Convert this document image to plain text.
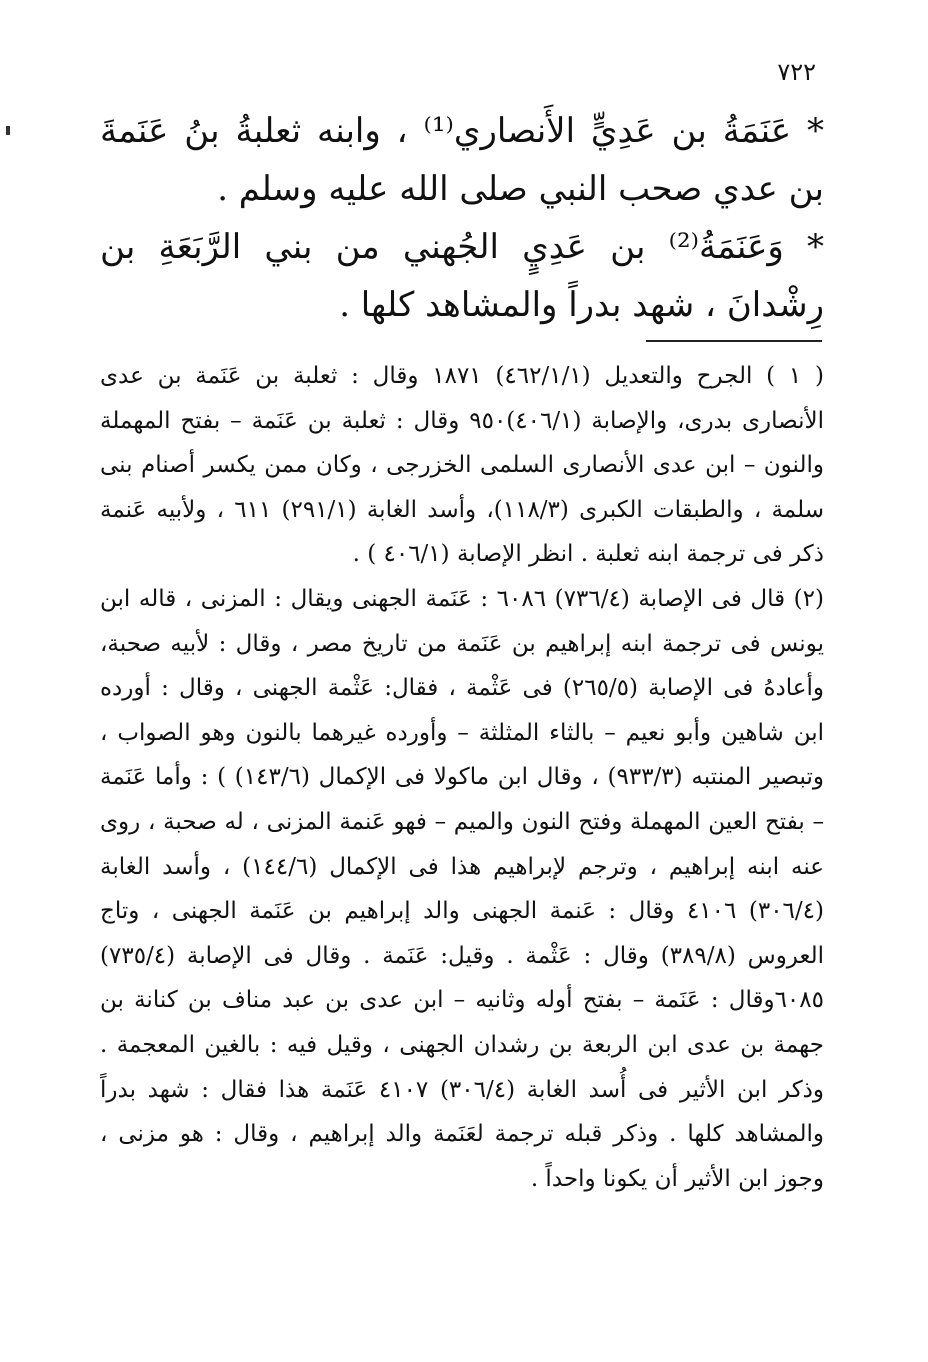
٧٢٢

* عَنَمَةُ بن عَدِيٍّ الأَنصاري⁽¹⁾ ، وابنه ثعلبةُ بنُ عَنَمةَ بن عدي صحب النبي صلى الله عليه وسلم .

* وَعَنَمَةُ⁽²⁾ بن عَدِيٍ الجُهني من بني الرَّبَعَةِ بن رِشْدانَ ، شهد بدراً والمشاهد كلها .

( ١ ) الجرح والتعديل (٤٦٢/١/١) ١٨٧١ وقال : ثعلبة بن عَنَمة بن عدى الأنصارى بدرى، والإصابة (٤٠٦/١)٩٥٠ وقال : ثعلبة بن عَنَمة – بفتح المهملة والنون – ابن عدى الأنصارى السلمى الخزرجى ، وكان ممن يكسر أصنام بنى سلمة ، والطبقات الكبرى (١١٨/٣)، وأسد الغابة (٢٩١/١) ٦١١ ، ولأبيه عَنمة ذكر فى ترجمة ابنه ثعلبة . انظر الإصابة (٤٠٦/١ ) .

(٢) قال فى الإصابة (٧٣٦/٤) ٦٠٨٦ : عَنَمة الجهنى ويقال : المزنى ، قاله ابن يونس فى ترجمة ابنه إبراهيم بن عَنَمة من تاريخ مصر ، وقال : لأبيه صحبة، وأعادهُ فى الإصابة (٢٦٥/٥) فى عَثْمة ، فقال: عَثْمة الجهنى ، وقال : أورده ابن شاهين وأبو نعيم – بالثاء المثلثة – وأورده غيرهما بالنون وهو الصواب ، وتبصير المنتبه (٩٣٣/٣) ، وقال ابن ماكولا فى الإكمال (١٤٣/٦) ) : وأما عَنَمة – بفتح العين المهملة وفتح النون والميم – فهو عَنمة المزنى ، له صحبة ، روى عنه ابنه إبراهيم ، وترجم لإبراهيم هذا فى الإكمال (١٤٤/٦) ، وأسد الغابة (٣٠٦/٤) ٤١٠٦ وقال : عَنمة الجهنى والد إبراهيم بن عَنَمة الجهنى ، وتاج العروس (٣٨٩/٨) وقال : عَثْمة . وقيل: عَنَمة . وقال فى الإصابة (٧٣٥/٤) ٦٠٨٥وقال : عَنَمة – بفتح أوله وثانيه – ابن عدى بن عبد مناف بن كنانة بن جهمة بن عدى ابن الربعة بن رشدان الجهنى ، وقيل فيه : بالغين المعجمة . وذكر ابن الأثير فى أُسد الغابة (٣٠٦/٤) ٤١٠٧ عَنَمة هذا فقال : شهد بدراً والمشاهد كلها . وذكر قبله ترجمة لعَنَمة والد إبراهيم ، وقال : هو مزنى ، وجوز ابن الأثير أن يكونا واحداً .
